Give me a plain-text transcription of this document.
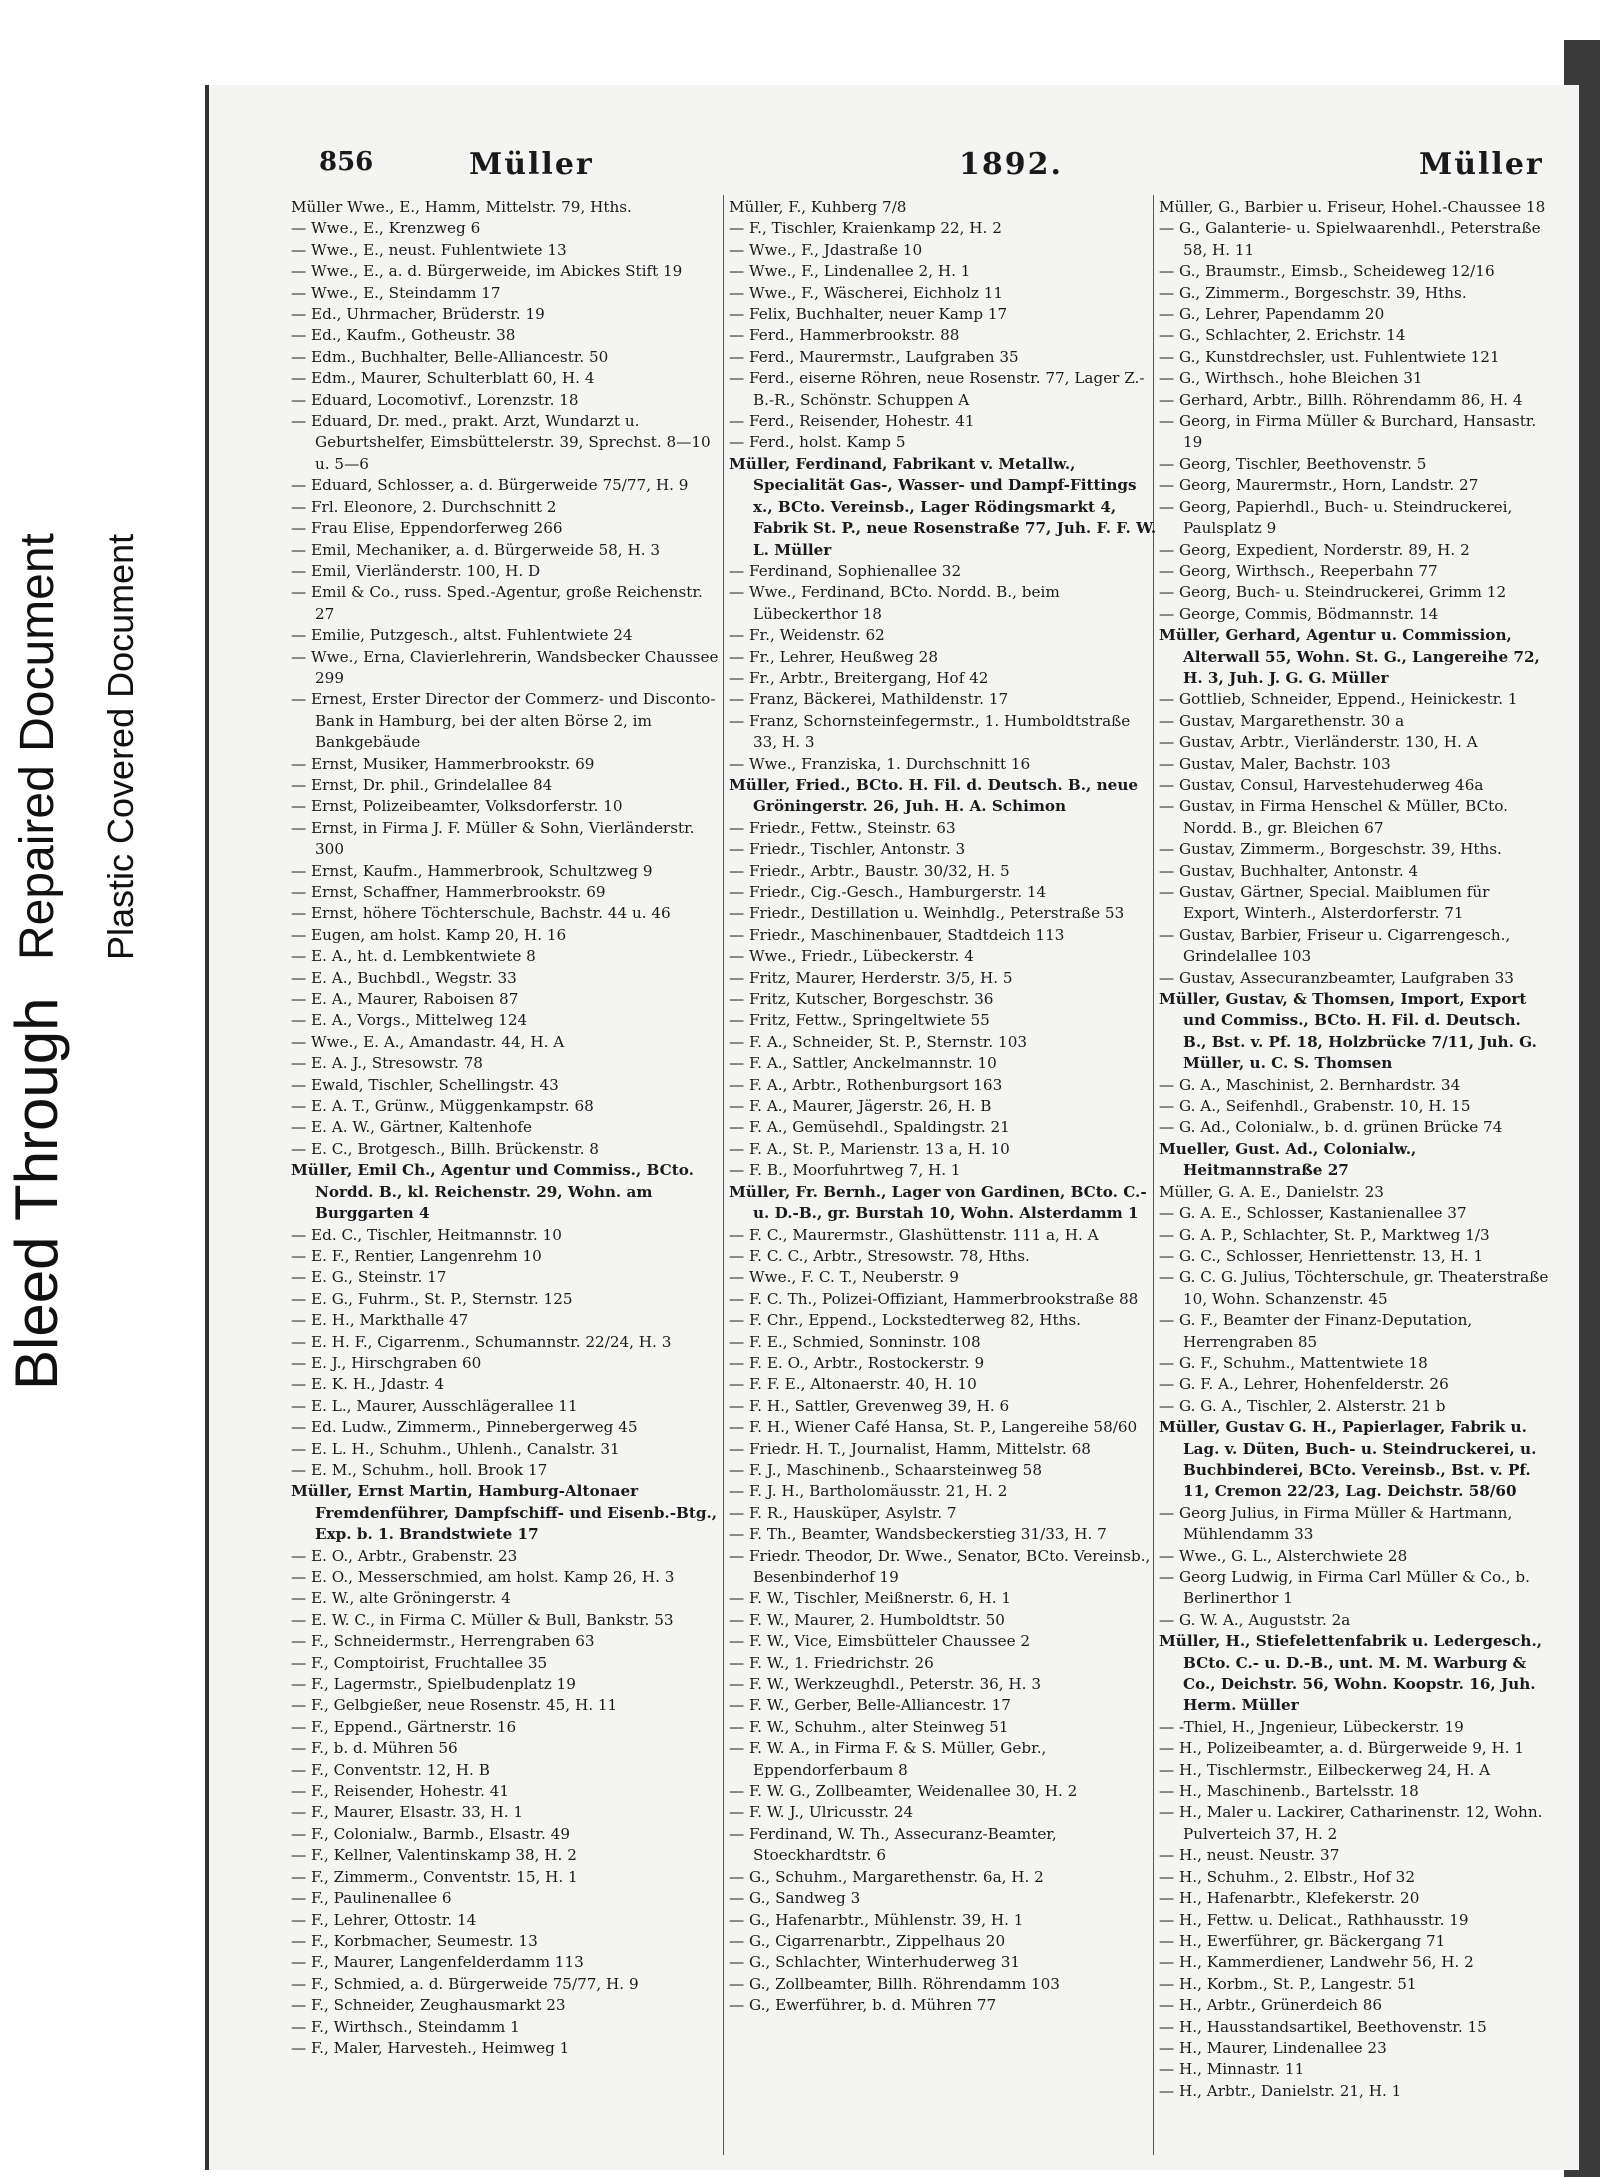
Bleed Through
Repaired Document Plastic Covered Document
856	Müller	1892.	Müller
Müller Wwe., E., Hamm, Mittelstr. 79, Hths.
— Wwe., E., Krenzweg 6
— Wwe., E., neust. Fuhlentwiete 13
— Wwe., E., a. d. Bürgerweide, im Abickes Stift 19
— Wwe., E., Steindamm 17
— Ed., Uhrmacher, Brüderstr. 19
— Ed., Kaufm., Gotheustr. 38
— Edm., Buchhalter, Belle-Alliancestr. 50
— Edm., Maurer, Schulterblatt 60, H. 4
— Eduard, Locomotivf., Lorenzstr. 18
— Eduard, Dr. med., prakt. Arzt, Wundarzt u. Geburtshelfer, Eimsbüttelerstr. 39, Sprechst. 8—10 u. 5—6
— Eduard, Schlosser, a. d. Bürgerweide 75/77, H. 9
— Frl. Eleonore, 2. Durchschnitt 2
— Frau Elise, Eppendorferweg 266
— Emil, Mechaniker, a. d. Bürgerweide 58, H. 3
— Emil, Vierländerstr. 100, H. D
— Emil & Co., russ. Sped.-Agentur, große Reichenstr. 27
— Emilie, Putzgesch., altst. Fuhlentwiete 24
— Wwe., Erna, Clavierlehrerin, Wandsbecker Chaussee 299
— Ernest, Erster Director der Commerz- und Disconto-Bank in Hamburg, bei der alten Börse 2, im Bankgebäude
— Ernst, Musiker, Hammerbrookstr. 69
— Ernst, Dr. phil., Grindelallee 84
— Ernst, Polizeibeamter, Volksdorferstr. 10
— Ernst, in Firma J. F. Müller & Sohn, Vierländerstr. 300
— Ernst, Kaufm., Hammerbrook, Schultzweg 9
— Ernst, Schaffner, Hammerbrookstr. 69
— Ernst, höhere Töchterschule, Bachstr. 44 u. 46
— Eugen, am holst. Kamp 20, H. 16
— E. A., ht. d. Lembkentwiete 8
— E. A., Buchbdl., Wegstr. 33
— E. A., Maurer, Raboisen 87
— E. A., Vorgs., Mittelweg 124
— Wwe., E. A., Amandastr. 44, H. A
— E. A. J., Stresowstr. 78
— Ewald, Tischler, Schellingstr. 43
— E. A. T., Grünw., Müggenkampstr. 68
— E. A. W., Gärtner, Kaltenhofe
— E. C., Brotgesch., Billh. Brückenstr. 8
Müller, Emil Ch., Agentur und Commiss., BCto. Nordd. B., kl. Reichenstr. 29, Wohn. am Burggarten 4
— Ed. C., Tischler, Heitmannstr. 10
— E. F., Rentier, Langenrehm 10
— E. G., Steinstr. 17
— E. G., Fuhrm., St. P., Sternstr. 125
— E. H., Markthalle 47
— E. H. F., Cigarrenm., Schumannstr. 22/24, H. 3
— E. J., Hirschgraben 60
— E. K. H., Jdastr. 4
— E. L., Maurer, Ausschlägerallee 11
— Ed. Ludw., Zimmerm., Pinnebergerweg 45
— E. L. H., Schuhm., Uhlenh., Canalstr. 31
— E. M., Schuhm., holl. Brook 17
Müller, Ernst Martin, Hamburg-Altonaer Fremdenführer, Dampfschiff- und Eisenb.-Btg., Exp. b. 1. Brandstwiete 17
— E. O., Arbtr., Grabenstr. 23
— E. O., Messerschmied, am holst. Kamp 26, H. 3
— E. W., alte Gröningerstr. 4
— E. W. C., in Firma C. Müller & Bull, Bankstr. 53
— F., Schneidermstr., Herrengraben 63
— F., Comptoirist, Fruchtallee 35
— F., Lagermstr., Spielbudenplatz 19
— F., Gelbgießer, neue Rosenstr. 45, H. 11
— F., Eppend., Gärtnerstr. 16
— F., b. d. Mühren 56
— F., Conventstr. 12, H. B
— F., Reisender, Hohestr. 41
— F., Maurer, Elsastr. 33, H. 1
— F., Colonialw., Barmb., Elsastr. 49
— F., Kellner, Valentinskamp 38, H. 2
— F., Zimmerm., Conventstr. 15, H. 1
— F., Paulinenallee 6
— F., Lehrer, Ottostr. 14
— F., Korbmacher, Seumestr. 13
— F., Maurer, Langenfelderdamm 113
— F., Schmied, a. d. Bürgerweide 75/77, H. 9
— F., Schneider, Zeughausmarkt 23
— F., Wirthsch., Steindamm 1
— F., Maler, Harvesteh., Heimweg 1
Müller, F., Kuhberg 7/8
— F., Tischler, Kraienkamp 22, H. 2
— Wwe., F., Jdastraße 10
— Wwe., F., Lindenallee 2, H. 1
— Wwe., F., Wäscherei, Eichholz 11
— Felix, Buchhalter, neuer Kamp 17
— Ferd., Hammerbrookstr. 88
— Ferd., Maurermstr., Laufgraben 35
— Ferd., eiserne Röhren, neue Rosenstr. 77, Lager Z.-B.-R., Schönstr. Schuppen A
— Ferd., Reisender, Hohestr. 41
— Ferd., holst. Kamp 5
Müller, Ferdinand, Fabrikant v. Metallw., Specialität Gas-, Wasser- und Dampf-Fittings x., BCto. Vereinsb., Lager Rödingsmarkt 4, Fabrik St. P., neue Rosenstraße 77, Juh. F. F. W. L. Müller
— Ferdinand, Sophienallee 32
— Wwe., Ferdinand, BCto. Nordd. B., beim Lübeckerthor 18
— Fr., Weidenstr. 62
— Fr., Lehrer, Heußweg 28
— Fr., Arbtr., Breitergang, Hof 42
— Franz, Bäckerei, Mathildenstr. 17
— Franz, Schornsteinfegermstr., 1. Humboldtstraße 33, H. 3
— Wwe., Franziska, 1. Durchschnitt 16
Müller, Fried., BCto. H. Fil. d. Deutsch. B., neue Gröningerstr. 26, Juh. H. A. Schimon
— Friedr., Fettw., Steinstr. 63
— Friedr., Tischler, Antonstr. 3
— Friedr., Arbtr., Baustr. 30/32, H. 5
— Friedr., Cig.-Gesch., Hamburgerstr. 14
— Friedr., Destillation u. Weinhdlg., Peterstraße 53
— Friedr., Maschinenbauer, Stadtdeich 113
— Wwe., Friedr., Lübeckerstr. 4
— Fritz, Maurer, Herderstr. 3/5, H. 5
— Fritz, Kutscher, Borgeschstr. 36
— Fritz, Fettw., Springeltwiete 55
— F. A., Schneider, St. P., Sternstr. 103
— F. A., Sattler, Anckelmannstr. 10
— F. A., Arbtr., Rothenburgsort 163
— F. A., Maurer, Jägerstr. 26, H. B
— F. A., Gemüsehdl., Spaldingstr. 21
— F. A., St. P., Marienstr. 13 a, H. 10
— F. B., Moorfuhrtweg 7, H. 1
Müller, Fr. Bernh., Lager von Gardinen, BCto. C.- u. D.-B., gr. Burstah 10, Wohn. Alsterdamm 1
— F. C., Maurermstr., Glashüttenstr. 111 a, H. A
— F. C. C., Arbtr., Stresowstr. 78, Hths.
— Wwe., F. C. T., Neuberstr. 9
— F. C. Th., Polizei-Offiziant, Hammerbrookstraße 88
— F. Chr., Eppend., Lockstedterweg 82, Hths.
— F. E., Schmied, Sonninstr. 108
— F. E. O., Arbtr., Rostockerstr. 9
— F. F. E., Altonaerstr. 40, H. 10
— F. H., Sattler, Grevenweg 39, H. 6
— F. H., Wiener Café Hansa, St. P., Langereihe 58/60
— Friedr. H. T., Journalist, Hamm, Mittelstr. 68
— F. J., Maschinenb., Schaarsteinweg 58
— F. J. H., Bartholomäusstr. 21, H. 2
— F. R., Hausküper, Asylstr. 7
— F. Th., Beamter, Wandsbeckerstieg 31/33, H. 7
— Friedr. Theodor, Dr. Wwe., Senator, BCto. Vereinsb., Besenbinderhof 19
— F. W., Tischler, Meißnerstr. 6, H. 1
— F. W., Maurer, 2. Humboldtstr. 50
— F. W., Vice, Eimsbütteler Chaussee 2
— F. W., 1. Friedrichstr. 26
— F. W., Werkzeughdl., Peterstr. 36, H. 3
— F. W., Gerber, Belle-Alliancestr. 17
— F. W., Schuhm., alter Steinweg 51
— F. W. A., in Firma F. & S. Müller, Gebr., Eppendorferbaum 8
— F. W. G., Zollbeamter, Weidenallee 30, H. 2
— F. W. J., Ulricusstr. 24
— Ferdinand, W. Th., Assecuranz-Beamter, Stoeckhardtstr. 6
— G., Schuhm., Margarethenstr. 6a, H. 2
— G., Sandweg 3
— G., Hafenarbtr., Mühlenstr. 39, H. 1
— G., Cigarrenarbtr., Zippelhaus 20
— G., Schlachter, Winterhuderweg 31
— G., Zollbeamter, Billh. Röhrendamm 103
— G., Ewerführer, b. d. Mühren 77
Müller, G., Barbier u. Friseur, Hohel.-Chaussee 18
— G., Galanterie- u. Spielwaarenhdl., Peterstraße 58, H. 11
— G., Braumstr., Eimsb., Scheideweg 12/16
— G., Zimmerm., Borgeschstr. 39, Hths.
— G., Lehrer, Papendamm 20
— G., Schlachter, 2. Erichstr. 14
— G., Kunstdrechsler, ust. Fuhlentwiete 121
— G., Wirthsch., hohe Bleichen 31
— Gerhard, Arbtr., Billh. Röhrendamm 86, H. 4
— Georg, in Firma Müller & Burchard, Hansastr. 19
— Georg, Tischler, Beethovenstr. 5
— Georg, Maurermstr., Horn, Landstr. 27
— Georg, Papierhdl., Buch- u. Steindruckerei, Paulsplatz 9
— Georg, Expedient, Norderstr. 89, H. 2
— Georg, Wirthsch., Reeperbahn 77
— Georg, Buch- u. Steindruckerei, Grimm 12
— George, Commis, Bödmannstr. 14
Müller, Gerhard, Agentur u. Commission, Alterwall 55, Wohn. St. G., Langereihe 72, H. 3, Juh. J. G. G. Müller
— Gottlieb, Schneider, Eppend., Heinickestr. 1
— Gustav, Margarethenstr. 30 a
— Gustav, Arbtr., Vierländerstr. 130, H. A
— Gustav, Maler, Bachstr. 103
— Gustav, Consul, Harvestehuderweg 46a
— Gustav, in Firma Henschel & Müller, BCto. Nordd. B., gr. Bleichen 67
— Gustav, Zimmerm., Borgeschstr. 39, Hths.
— Gustav, Buchhalter, Antonstr. 4
— Gustav, Gärtner, Special. Maiblumen für Export, Winterh., Alsterdorferstr. 71
— Gustav, Barbier, Friseur u. Cigarrengesch., Grindelallee 103
— Gustav, Assecuranzbeamter, Laufgraben 33
Müller, Gustav, & Thomsen, Import, Export und Commiss., BCto. H. Fil. d. Deutsch. B., Bst. v. Pf. 18, Holzbrücke 7/11, Juh. G. Müller, u. C. S. Thomsen
— G. A., Maschinist, 2. Bernhardstr. 34
— G. A., Seifenhdl., Grabenstr. 10, H. 15
— G. Ad., Colonialw., b. d. grünen Brücke 74
Mueller, Gust. Ad., Colonialw., Heitmannstraße 27
Müller, G. A. E., Danielstr. 23
— G. A. E., Schlosser, Kastanienallee 37
— G. A. P., Schlachter, St. P., Marktweg 1/3
— G. C., Schlosser, Henriettenstr. 13, H. 1
— G. C. G. Julius, Töchterschule, gr. Theaterstraße 10, Wohn. Schanzenstr. 45
— G. F., Beamter der Finanz-Deputation, Herrengraben 85
— G. F., Schuhm., Mattentwiete 18
— G. F. A., Lehrer, Hohenfelderstr. 26
— G. G. A., Tischler, 2. Alsterstr. 21 b
Müller, Gustav G. H., Papierlager, Fabrik u. Lag. v. Düten, Buch- u. Steindruckerei, u. Buchbinderei, BCto. Vereinsb., Bst. v. Pf. 11, Cremon 22/23, Lag. Deichstr. 58/60
— Georg Julius, in Firma Müller & Hartmann, Mühlendamm 33
— Wwe., G. L., Alsterchwiete 28
— Georg Ludwig, in Firma Carl Müller & Co., b. Berlinerthor 1
— G. W. A., Auguststr. 2a
Müller, H., Stiefelettenfabrik u. Ledergesch., BCto. C.- u. D.-B., unt. M. M. Warburg & Co., Deichstr. 56, Wohn. Koopstr. 16, Juh. Herm. Müller
— -Thiel, H., Jngenieur, Lübeckerstr. 19
— H., Polizeibeamter, a. d. Bürgerweide 9, H. 1
— H., Tischlermstr., Eilbeckerweg 24, H. A
— H., Maschinenb., Bartelsstr. 18
— H., Maler u. Lackirer, Catharinenstr. 12, Wohn. Pulverteich 37, H. 2
— H., neust. Neustr. 37
— H., Schuhm., 2. Elbstr., Hof 32
— H., Hafenarbtr., Klefekerstr. 20
— H., Fettw. u. Delicat., Rathhausstr. 19
— H., Ewerführer, gr. Bäckergang 71
— H., Kammerdiener, Landwehr 56, H. 2
— H., Korbm., St. P., Langestr. 51
— H., Arbtr., Grünerdeich 86
— H., Hausstandsartikel, Beethovenstr. 15
— H., Maurer, Lindenallee 23
— H., Minnastr. 11
— H., Arbtr., Danielstr. 21, H. 1
